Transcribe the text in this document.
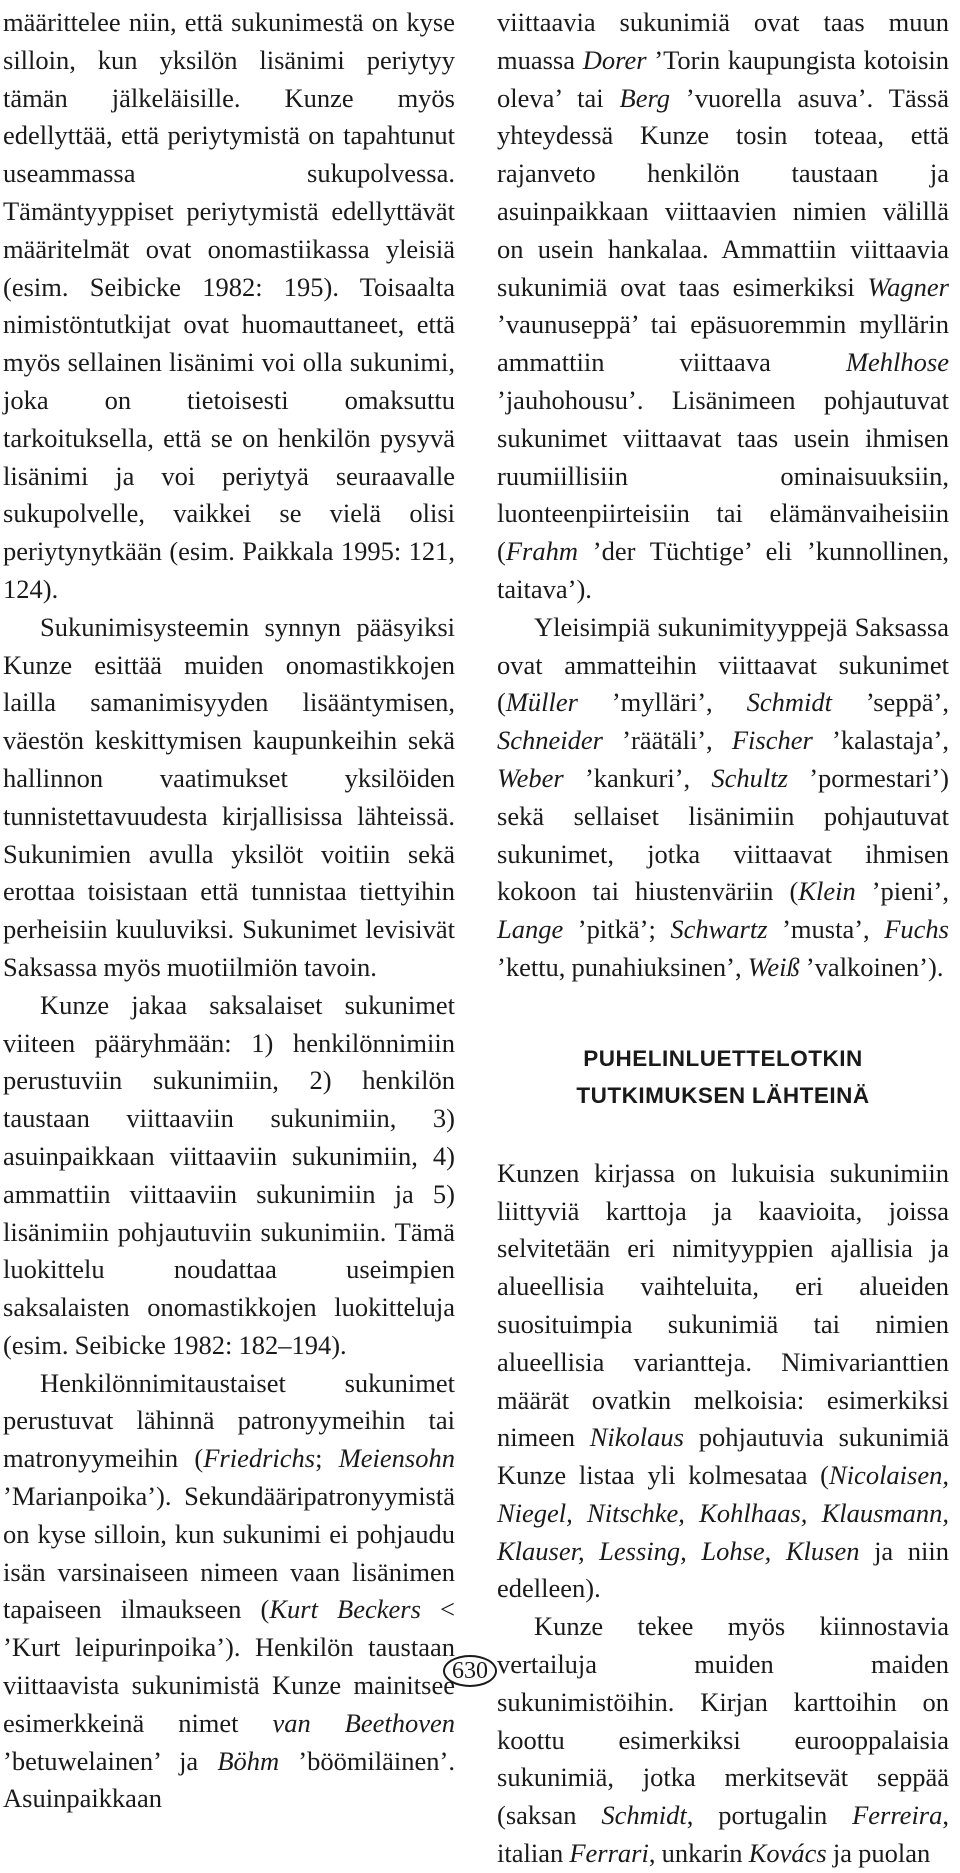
määrittelee niin, että sukunimestä on kyse silloin, kun yksilön lisänimi periytyy tämän jälkeläisille. Kunze myös edellyttää, että periytymistä on tapahtunut useammassa sukupolvessa. Tämäntyyppiset periytymistä edellyttävät määritelmät ovat onomastiikassa yleisiä (esim. Seibicke 1982: 195). Toisaalta nimistöntutkijat ovat huomauttaneet, että myös sellainen lisänimi voi olla sukunimi, joka on tietoisesti omaksuttu tarkoituksella, että se on henkilön pysyvä lisänimi ja voi periytyä seuraavalle sukupolvelle, vaikkei se vielä olisi periytynytkään (esim. Paikkala 1995: 121, 124).

Sukunimisysteemin synnyn pääsyiksi Kunze esittää muiden onomastikkojen lailla samanimisyyden lisääntymisen, väestön keskittymisen kaupunkeihin sekä hallinnon vaatimukset yksilöiden tunnistettavuudesta kirjallisissa lähteissä. Sukunimien avulla yksilöt voitiin sekä erottaa toisistaan että tunnistaa tiettyihin perheisiin kuuluviksi. Sukunimet levisivät Saksassa myös muotiilmiön tavoin.

Kunze jakaa saksalaiset sukunimet viiteen pääryhmään: 1) henkilönnimiin perustuviin sukunimiin, 2) henkilön taustaan viittaaviin sukunimiin, 3) asuinpaikkaan viittaaviin sukunimiin, 4) ammattiin viittaaviin sukunimiin ja 5) lisänimiin pohjautuviin sukunimiin. Tämä luokittelu noudattaa useimpien saksalaisten onomastikkojen luokitteluja (esim. Seibicke 1982: 182–194).

Henkilönnimitaustaiset sukunimet perustuvat lähinnä patronyymeihin tai matronyymeihin (Friedrichs; Meiensohn ’Marianpoika’). Sekundääripatronyymistä on kyse silloin, kun sukunimi ei pohjaudu isän varsinaiseen nimeen vaan lisänimen tapaiseen ilmaukseen (Kurt Beckers < ’Kurt leipurinpoika’). Henkilön taustaan viittaavista sukunimistä Kunze mainitsee esimerkkeinä nimet van Beethoven ’betuwelainen’ ja Böhm ’böömiläinen’. Asuinpaikkaan

viittaavia sukunimiä ovat taas muun muassa Dorer ’Torin kaupungista kotoisin oleva’ tai Berg ’vuorella asuva’. Tässä yhteydessä Kunze tosin toteaa, että rajanveto henkilön taustaan ja asuinpaikkaan viittaavien nimien välillä on usein hankalaa. Ammattiin viittaavia sukunimiä ovat taas esimerkiksi Wagner ’vaunuseppä’ tai epäsuoremmin myllärin ammattiin viittaava Mehlhose ’jauhohousu’. Lisänimeen pohjautuvat sukunimet viittaavat taas usein ihmisen ruumiillisiin ominaisuuksiin, luonteenpiirteisiin tai elämänvaiheisiin (Frahm ’der Tüchtige’ eli ’kunnollinen, taitava’).

Yleisimpiä sukunimityyppejä Saksassa ovat ammatteihin viittaavat sukunimet (Müller ’mylläri’, Schmidt ’seppä’, Schneider ’räätäli’, Fischer ’kalastaja’, Weber ’kankuri’, Schultz ’pormestari’) sekä sellaiset lisänimiin pohjautuvat sukunimet, jotka viittaavat ihmisen kokoon tai hiustenväriin (Klein ’pieni’, Lange ’pitkä’; Schwartz ’musta’, Fuchs ’kettu, punahiuksinen’, Weiß ’valkoinen’).

PUHELINLUETTELOTKIN
TUTKIMUKSEN LÄHTEINÄ

Kunzen kirjassa on lukuisia sukunimiin liittyviä karttoja ja kaavioita, joissa selvitetään eri nimityyppien ajallisia ja alueellisia vaihteluita, eri alueiden suosituimpia sukunimiä tai nimien alueellisia variantteja. Nimivarianttien määrät ovatkin melkoisia: esimerkiksi nimeen Nikolaus pohjautuvia sukunimiä Kunze listaa yli kolmesataa (Nicolaisen, Niegel, Nitschke, Kohlhaas, Klausmann, Klauser, Lessing, Lohse, Klusen ja niin edelleen).

Kunze tekee myös kiinnostavia vertailuja muiden maiden sukunimistöihin. Kirjan karttoihin on koottu esimerkiksi eurooppalaisia sukunimiä, jotka merkitsevät seppää (saksan Schmidt, portugalin Ferreira, italian Ferrari, unkarin Kovács ja puolan

630
